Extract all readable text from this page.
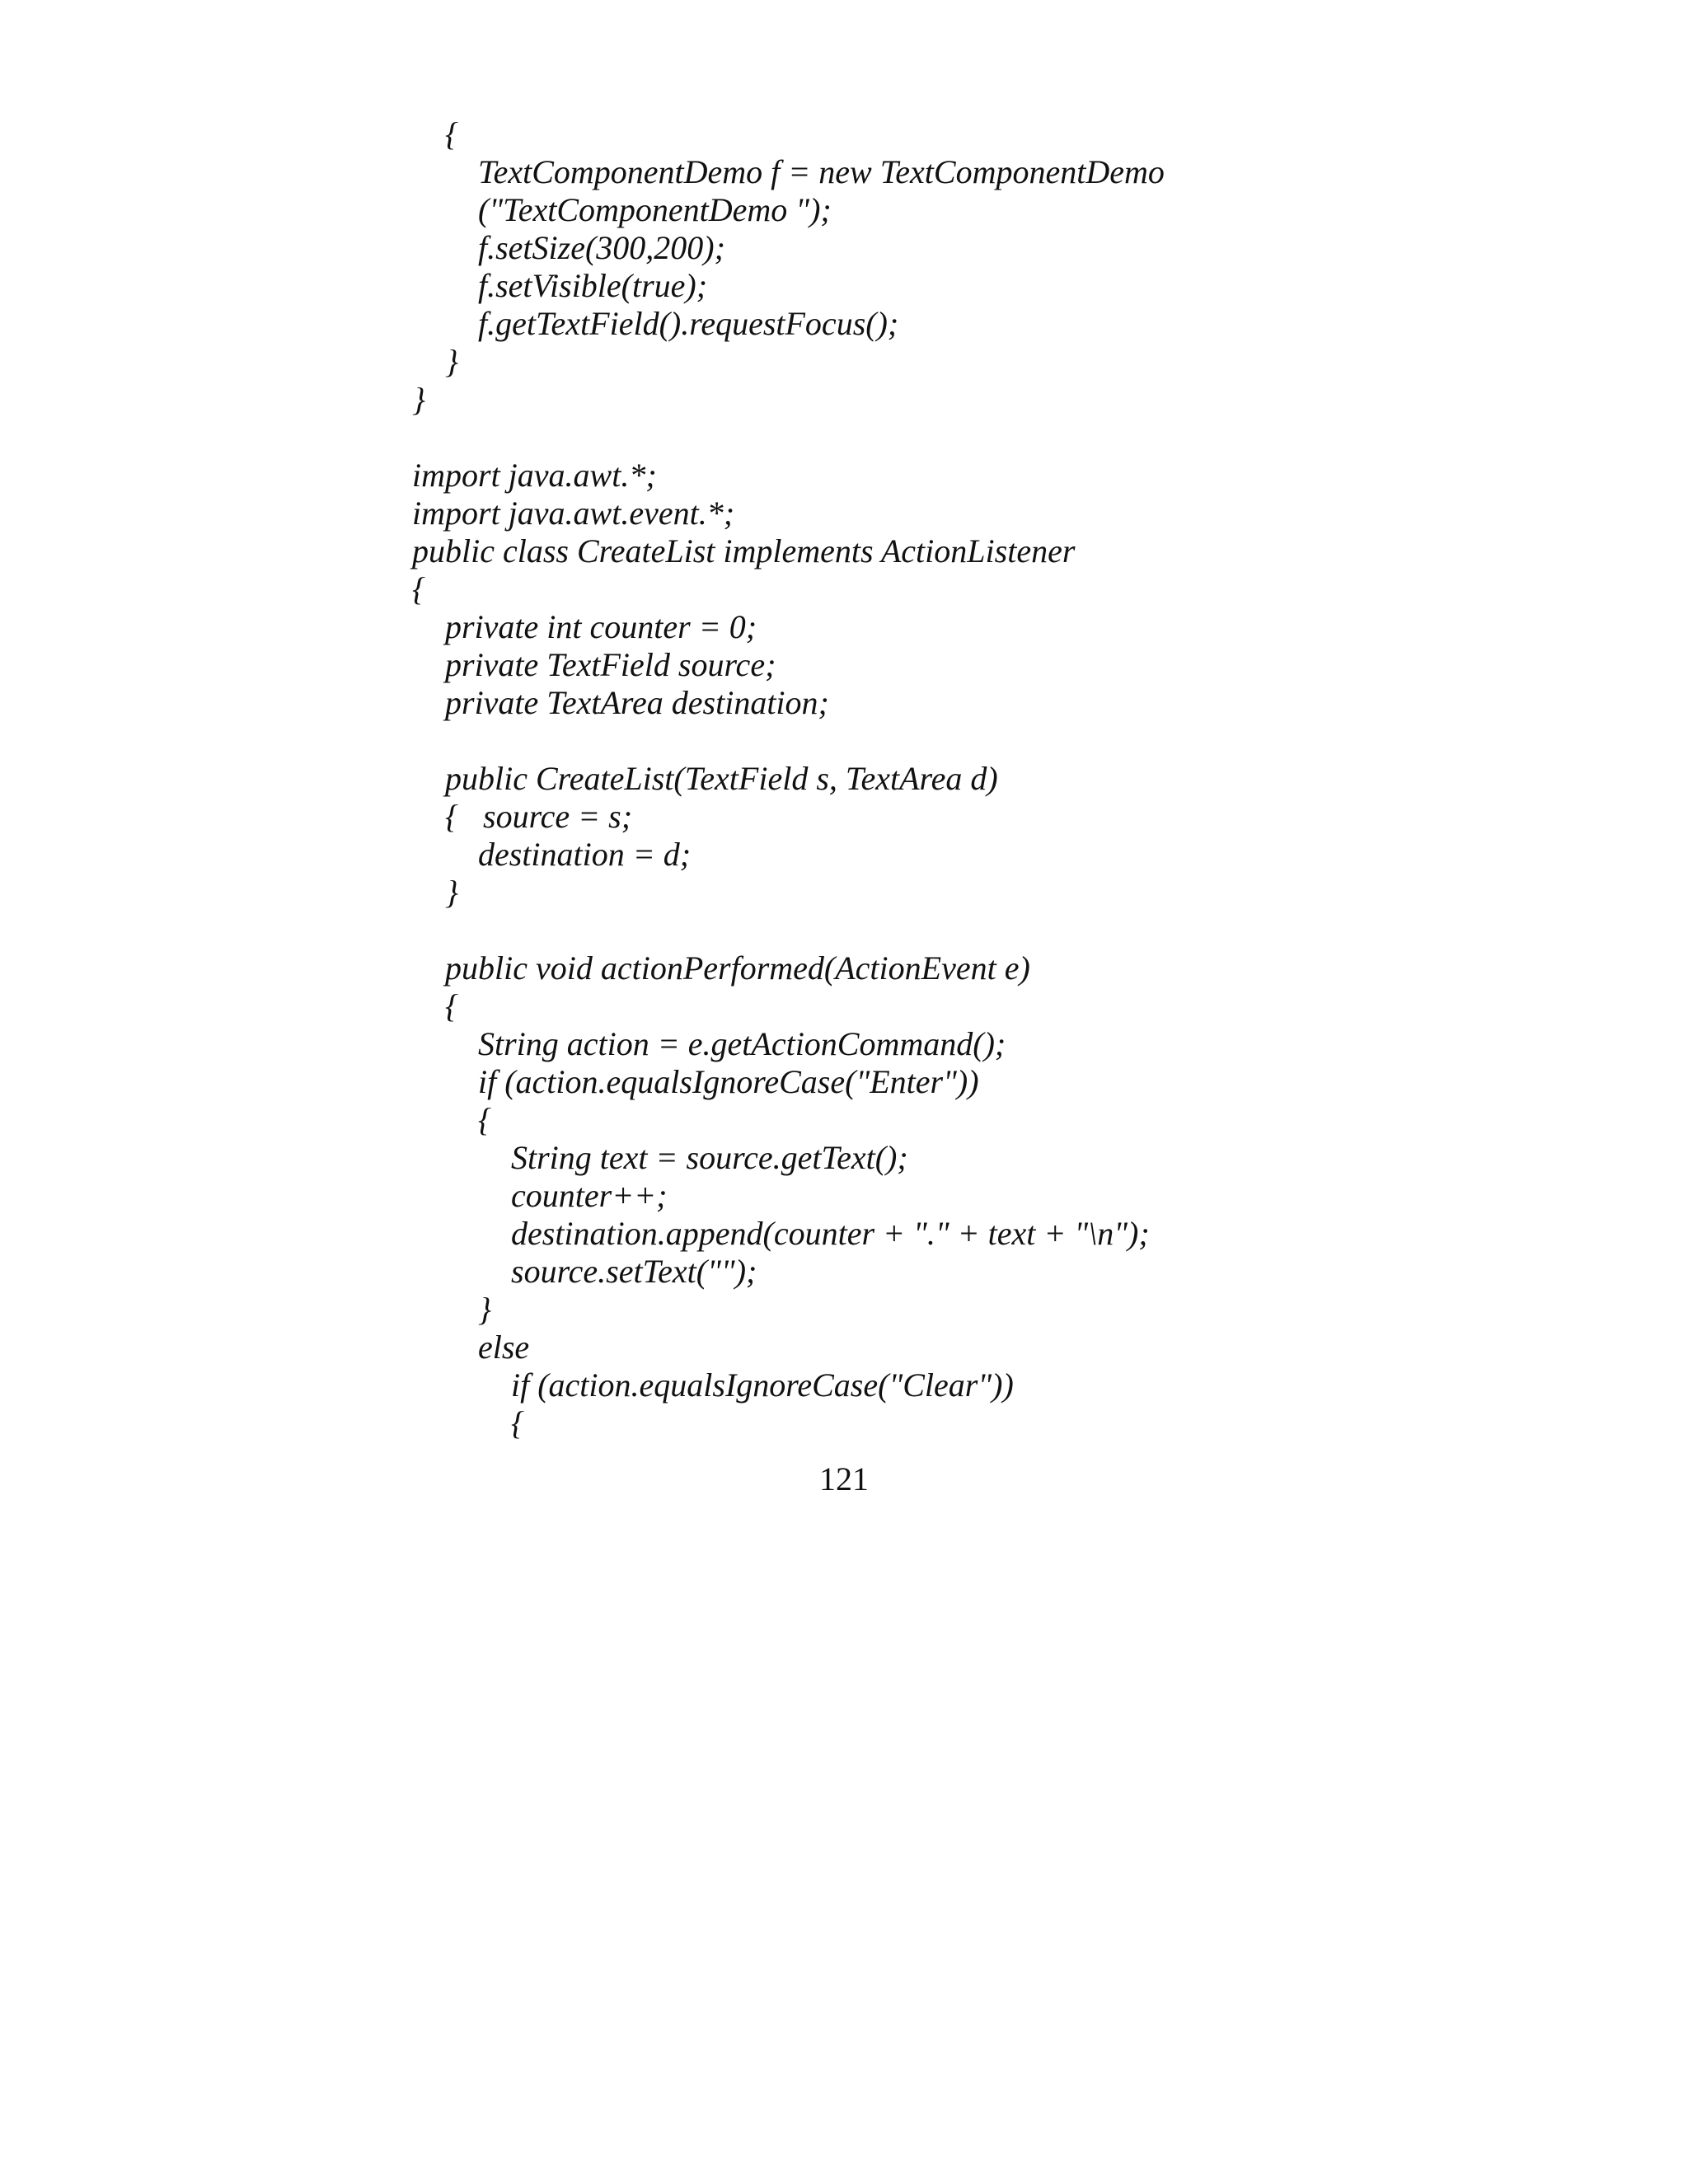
{
TextComponentDemo f = new TextComponentDemo
("TextComponentDemo ");
f.setSize(300,200);
f.setVisible(true);
f.getTextField().requestFocus();
}
}
import java.awt.*;
import java.awt.event.*;
public class CreateList implements ActionListener
{
private int counter = 0;
private TextField source;
private TextArea destination;
public CreateList(TextField s, TextArea d)
{   source = s;
destination = d;
}
public void actionPerformed(ActionEvent e)
{
String action = e.getActionCommand();
if (action.equalsIgnoreCase("Enter"))
{
String text = source.getText();
counter++;
destination.append(counter + "." + text + "\n");
source.setText("");
}
else
if (action.equalsIgnoreCase("Clear"))
{
121
